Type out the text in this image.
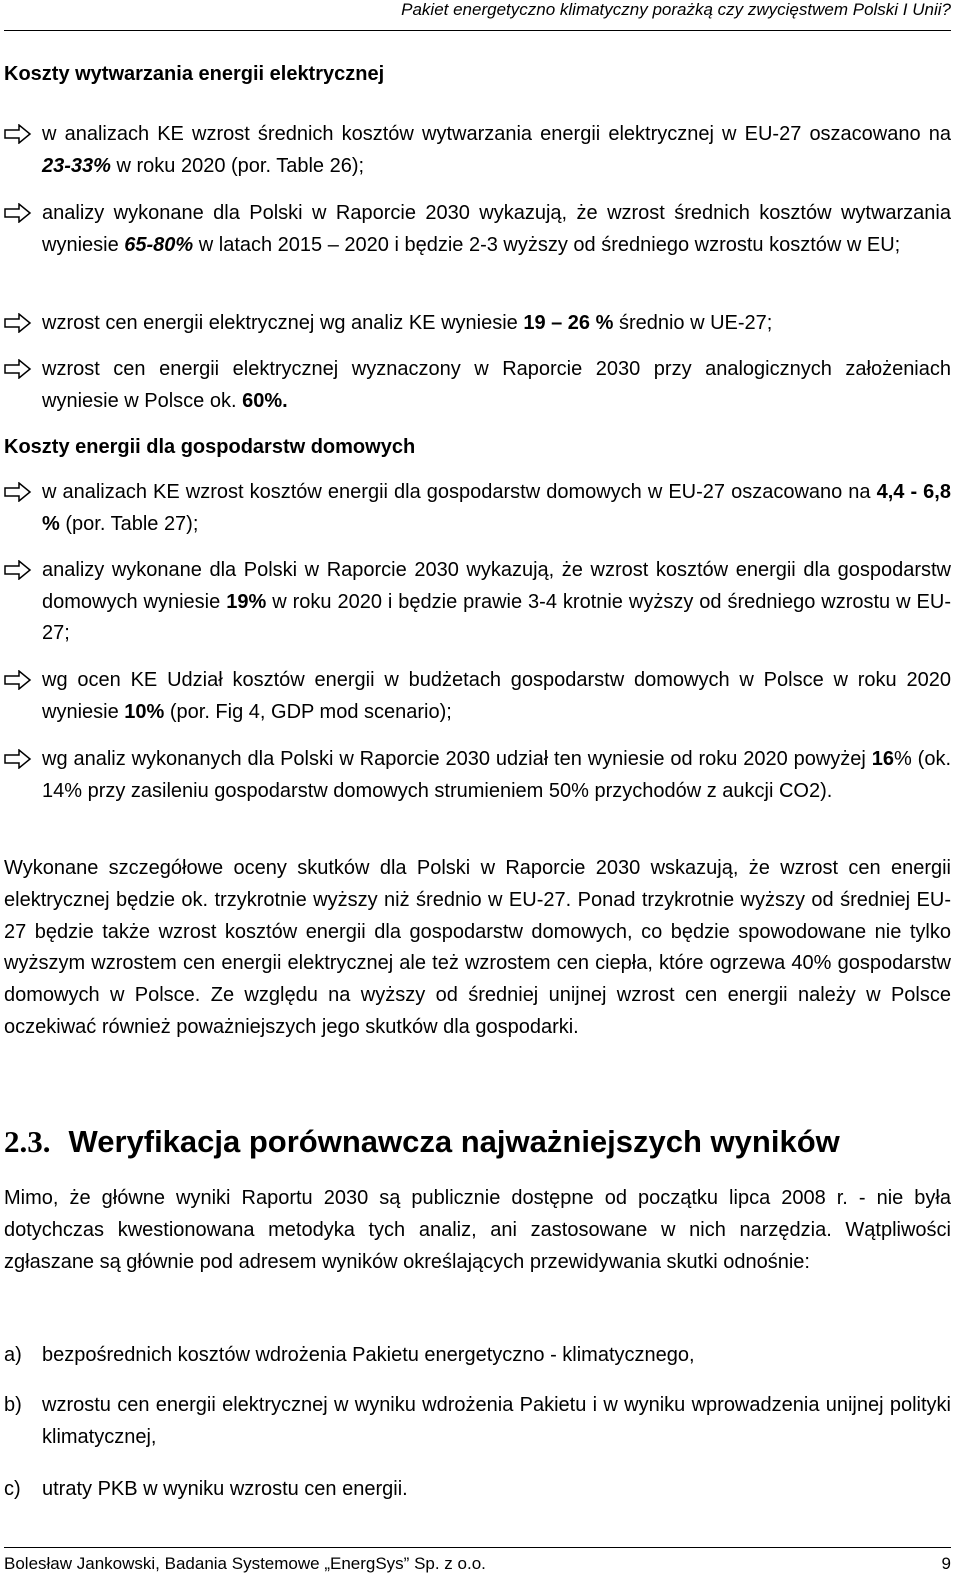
Pakiet energetyczno klimatyczny porażką czy zwycięstwem Polski I Unii?
Koszty wytwarzania energii elektrycznej
w analizach KE wzrost średnich kosztów wytwarzania energii elektrycznej w EU-27 oszacowano na 23-33% w roku 2020 (por. Table 26);
analizy wykonane dla Polski w Raporcie 2030 wykazują, że wzrost średnich kosztów wytwarzania wyniesie 65-80% w latach 2015 – 2020 i będzie 2-3 wyższy od średniego wzrostu kosztów w EU;
wzrost cen energii elektrycznej wg analiz KE wyniesie 19 – 26 % średnio w UE-27;
wzrost cen energii elektrycznej wyznaczony w Raporcie 2030 przy analogicznych założeniach wyniesie w Polsce ok. 60%.
Koszty energii dla gospodarstw domowych
w analizach KE wzrost kosztów energii dla gospodarstw domowych w EU-27 oszacowano na 4,4 - 6,8 % (por. Table 27);
analizy wykonane dla Polski w Raporcie 2030 wykazują, że wzrost kosztów energii dla gospodarstw domowych wyniesie 19% w roku 2020 i będzie prawie 3-4 krotnie wyższy od średniego wzrostu w EU-27;
wg ocen KE Udział kosztów energii w budżetach gospodarstw domowych w Polsce w roku 2020 wyniesie 10% (por. Fig 4, GDP mod scenario);
wg analiz wykonanych dla Polski w Raporcie 2030 udział ten wyniesie od roku 2020 powyżej 16% (ok. 14% przy zasileniu gospodarstw domowych strumieniem 50% przychodów z aukcji CO2).
Wykonane szczegółowe oceny skutków dla Polski w Raporcie 2030 wskazują, że wzrost cen energii elektrycznej będzie ok. trzykrotnie wyższy niż średnio w EU-27. Ponad trzykrotnie wyższy od średniej EU-27 będzie także wzrost kosztów energii dla gospodarstw domowych, co będzie spowodowane nie tylko wyższym wzrostem cen energii elektrycznej ale też wzrostem cen ciepła, które ogrzewa 40% gospodarstw domowych w Polsce. Ze względu na wyższy od średniej unijnej wzrost cen energii należy w Polsce oczekiwać również poważniejszych jego skutków dla gospodarki.
2.3. Weryfikacja porównawcza najważniejszych wyników
Mimo, że główne wyniki Raportu 2030 są publicznie dostępne od początku lipca 2008 r. - nie była dotychczas kwestionowana metodyka tych analiz, ani zastosowane w nich narzędzia. Wątpliwości zgłaszane są głównie pod adresem wyników określających przewidywania skutki odnośnie:
a) bezpośrednich kosztów wdrożenia Pakietu energetyczno - klimatycznego,
b) wzrostu cen energii elektrycznej w wyniku wdrożenia Pakietu i w wyniku wprowadzenia unijnej polityki klimatycznej,
c) utraty PKB w wyniku wzrostu cen energii.
Bolesław Jankowski, Badania Systemowe „EnergSys” Sp. z o.o.	9
